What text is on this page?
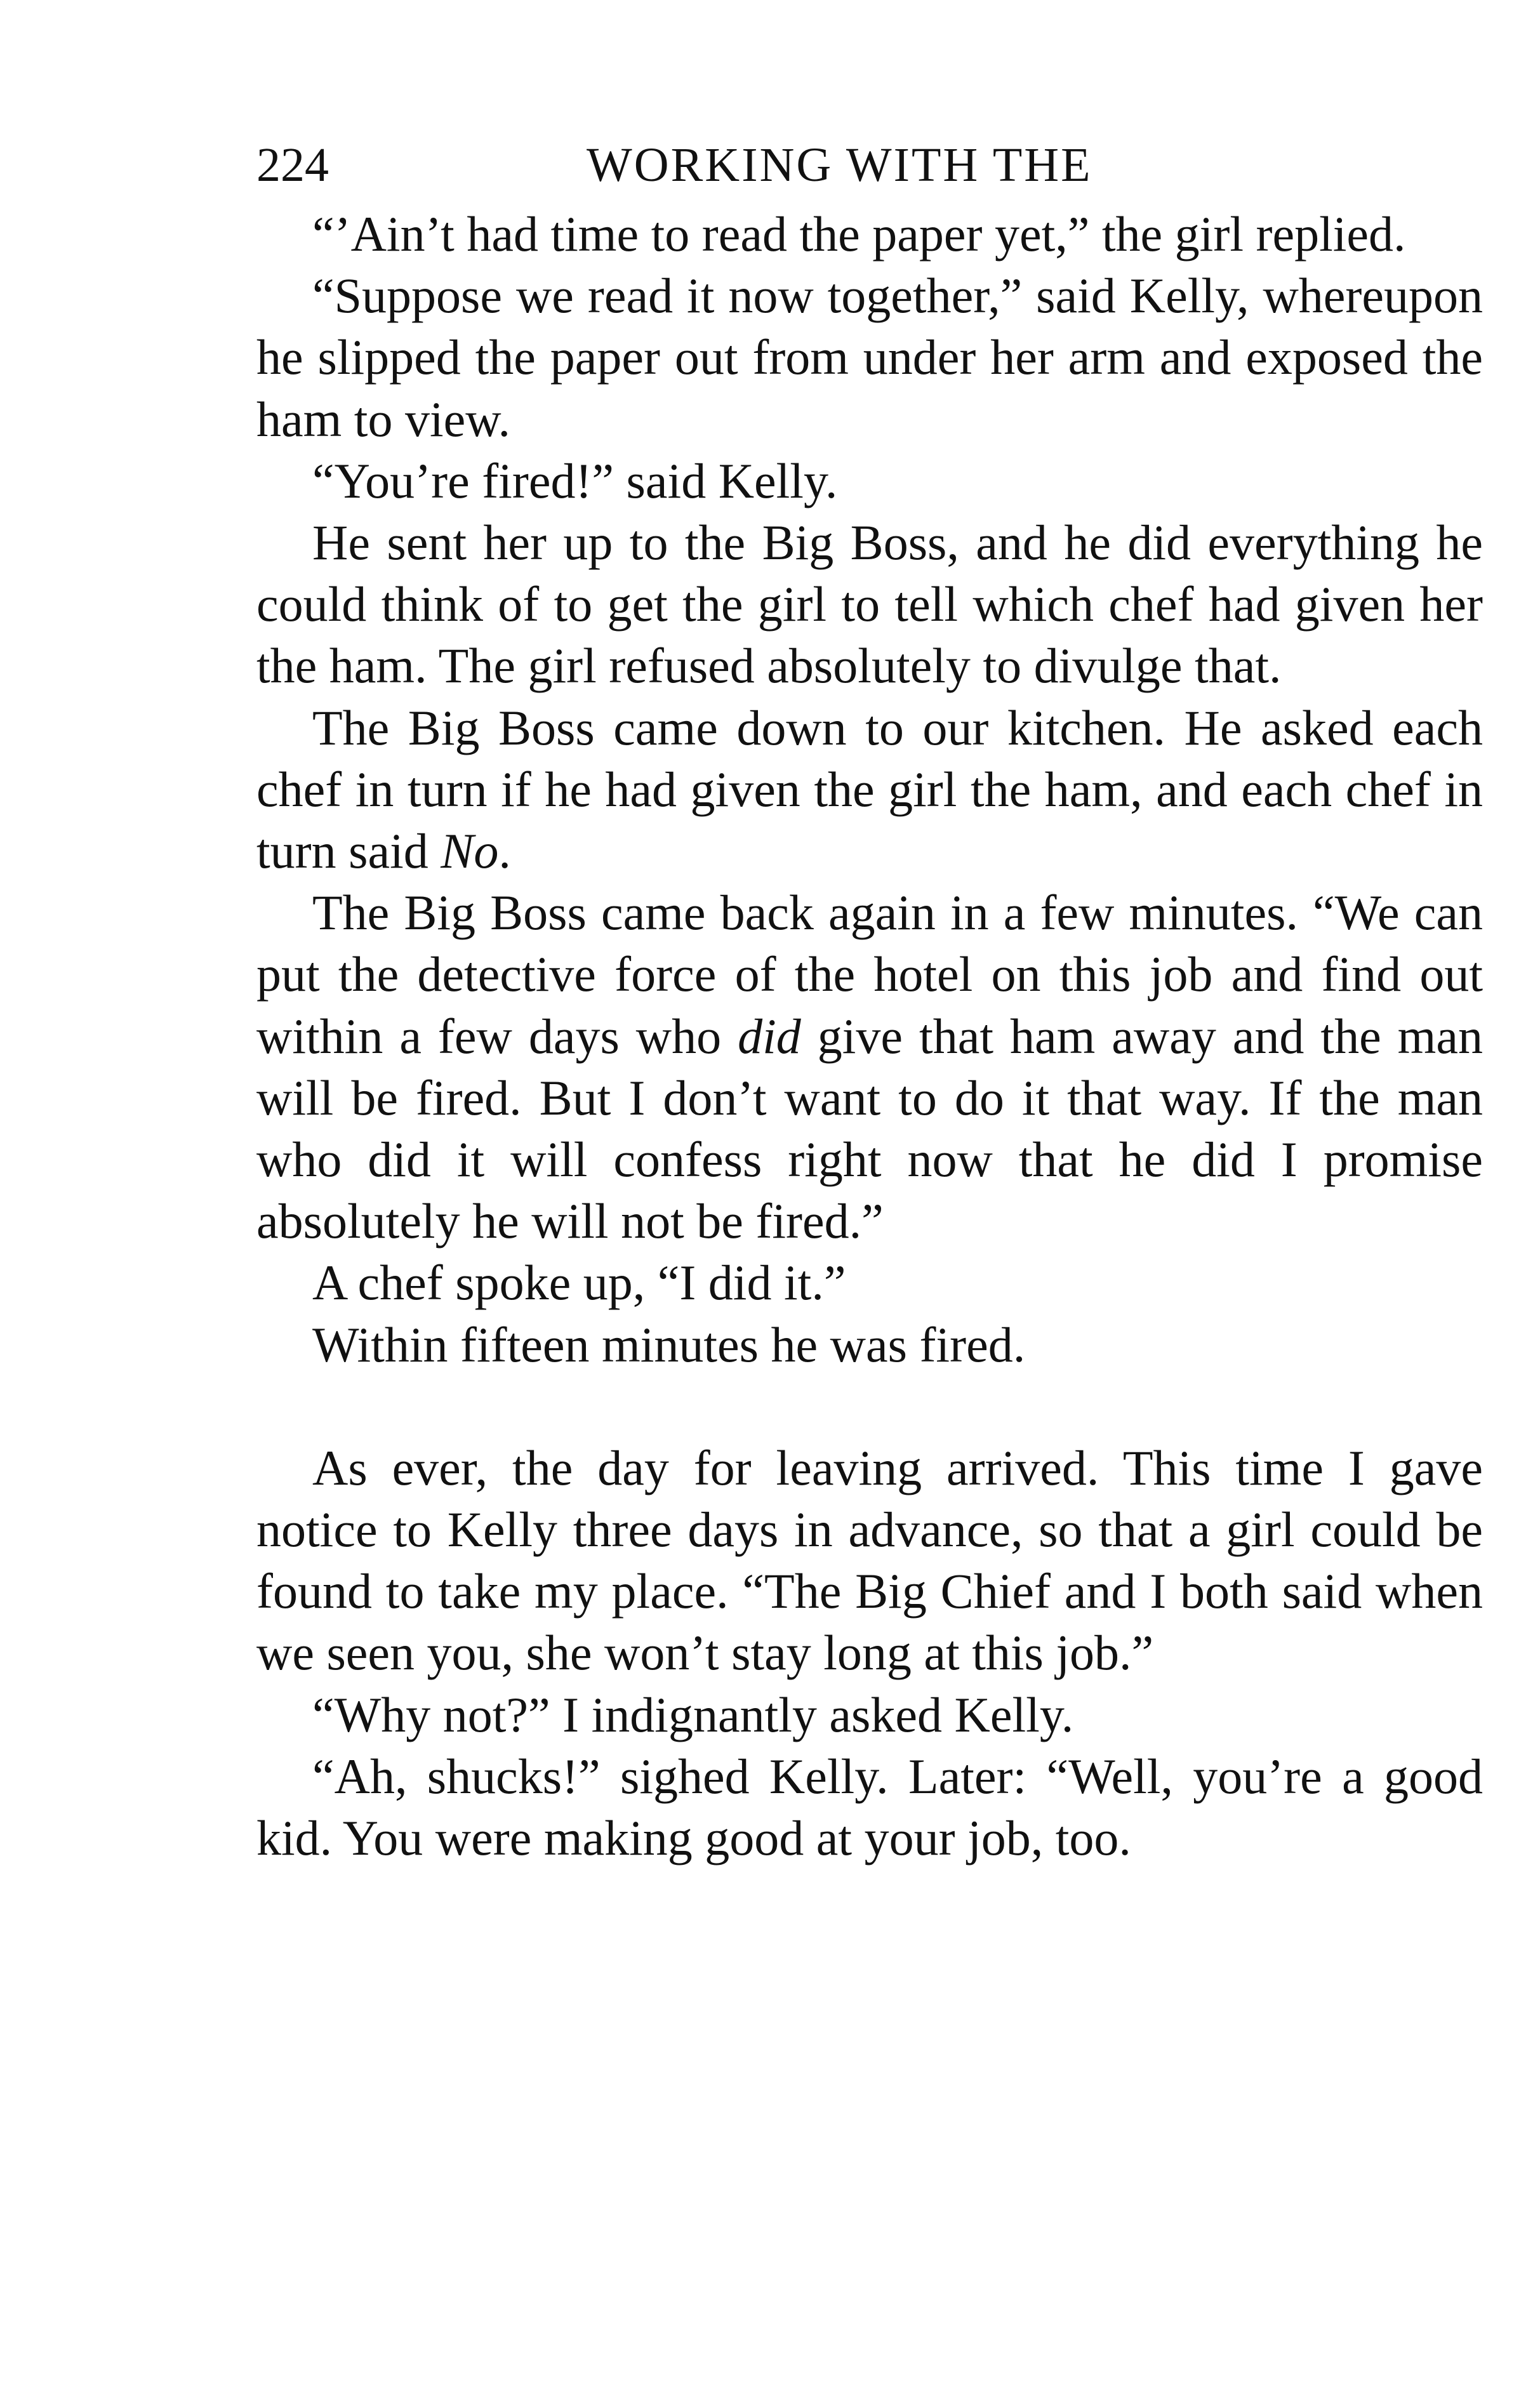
224	WORKING WITH THE

“’Ain’t had time to read the paper yet,” the girl replied.

“Suppose we read it now together,” said Kelly, whereupon he slipped the paper out from under her arm and exposed the ham to view.

“You’re fired!” said Kelly.

He sent her up to the Big Boss, and he did everything he could think of to get the girl to tell which chef had given her the ham. The girl refused absolutely to divulge that.

The Big Boss came down to our kitchen. He asked each chef in turn if he had given the girl the ham, and each chef in turn said No.

The Big Boss came back again in a few minutes. “We can put the detective force of the hotel on this job and find out within a few days who did give that ham away and the man will be fired. But I don’t want to do it that way. If the man who did it will confess right now that he did I promise absolutely he will not be fired.”

A chef spoke up, “I did it.”

Within fifteen minutes he was fired.

As ever, the day for leaving arrived. This time I gave notice to Kelly three days in advance, so that a girl could be found to take my place. “The Big Chief and I both said when we seen you, she won’t stay long at this job.”

“Why not?” I indignantly asked Kelly.

“Ah, shucks!” sighed Kelly. Later: “Well, you’re a good kid. You were making good at your job, too.
